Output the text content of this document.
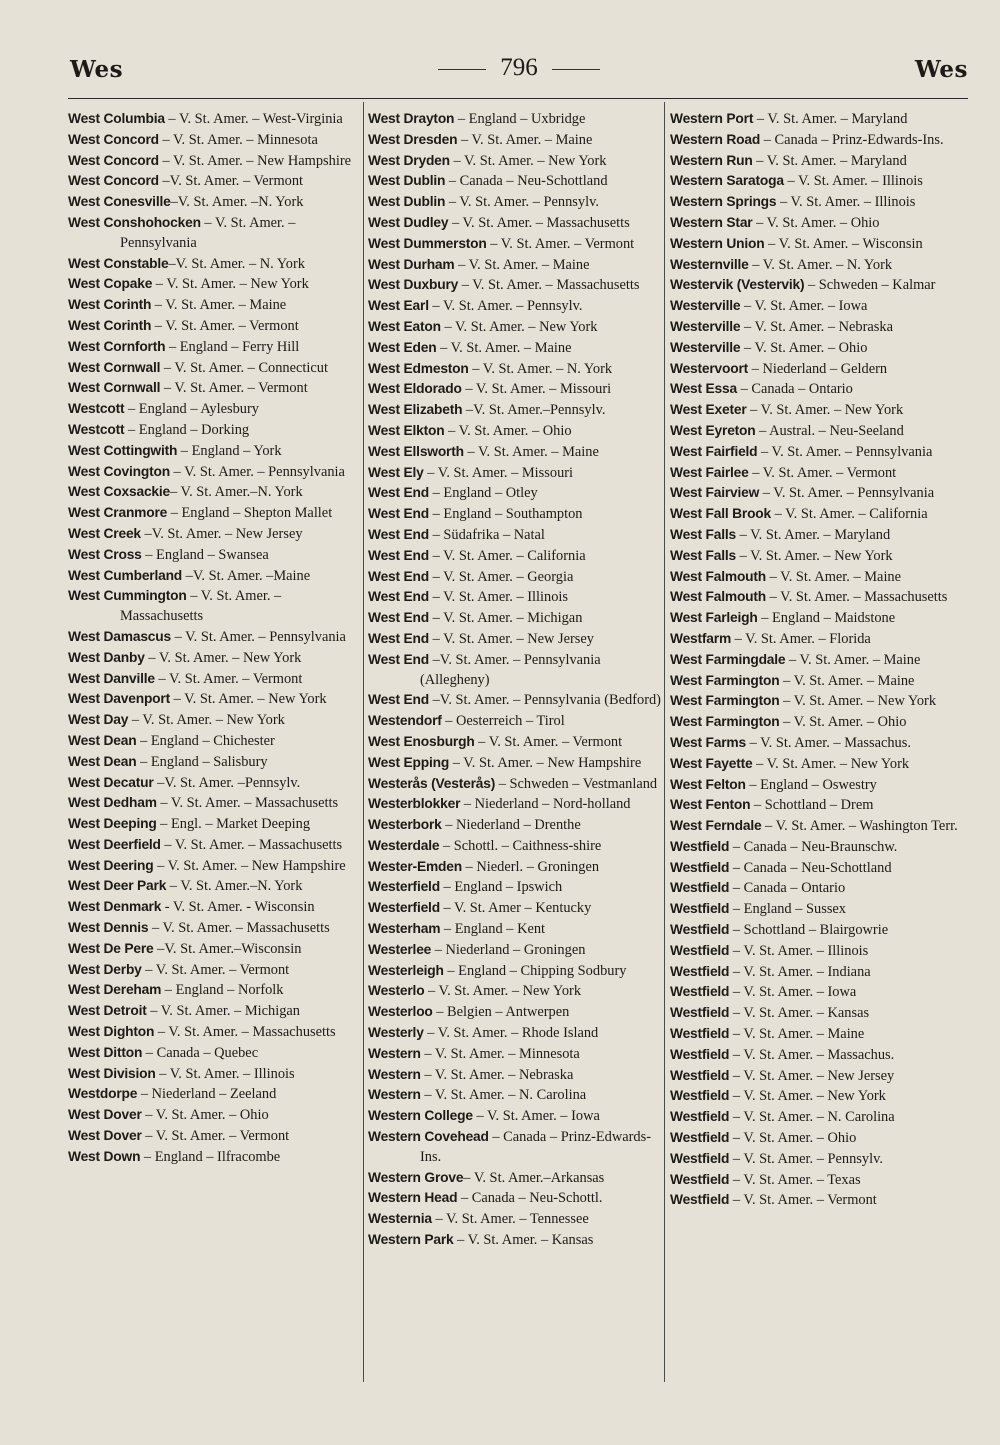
Wes	796	Wes

West Columbia – V. St. Amer. – West-Virginia

West Concord – V. St. Amer. – Minnesota

West Concord – V. St. Amer. – New Hampshire

West Concord –V. St. Amer. – Vermont

West Conesville–V. St. Amer. –N. York

West Conshohocken – V. St. Amer. – Pennsylvania

West Constable–V. St. Amer. – N. York

West Copake – V. St. Amer. – New York

West Corinth – V. St. Amer. – Maine

West Corinth – V. St. Amer. – Vermont

West Cornforth – England – Ferry Hill

West Cornwall – V. St. Amer. – Connecticut

West Cornwall – V. St. Amer. – Vermont

Westcott – England – Aylesbury

Westcott – England – Dorking

West Cottingwith – England – York

West Covington – V. St. Amer. – Pennsylvania

West Coxsackie– V. St. Amer.–N. York

West Cranmore – England – Shepton Mallet

West Creek –V. St. Amer. – New Jersey

West Cross – England – Swansea

West Cumberland –V. St. Amer. –Maine

West Cummington – V. St. Amer. – Massachusetts

West Damascus – V. St. Amer. – Pennsylvania

West Danby – V. St. Amer. – New York

West Danville – V. St. Amer. – Vermont

West Davenport – V. St. Amer. – New York

West Day – V. St. Amer. – New York

West Dean – England – Chichester

West Dean – England – Salisbury

West Decatur –V. St. Amer. –Pennsylv.

West Dedham – V. St. Amer. – Massachusetts

West Deeping – Engl. – Market Deeping

West Deerfield – V. St. Amer. – Massachusetts

West Deering – V. St. Amer. – New Hampshire

West Deer Park – V. St. Amer.–N. York

West Denmark - V. St. Amer. - Wisconsin

West Dennis – V. St. Amer. – Massachusetts

West De Pere –V. St. Amer.–Wisconsin

West Derby – V. St. Amer. – Vermont

West Dereham – England – Norfolk

West Detroit – V. St. Amer. – Michigan

West Dighton – V. St. Amer. – Massachusetts

West Ditton – Canada – Quebec

West Division – V. St. Amer. – Illinois

Westdorpe – Niederland – Zeeland

West Dover – V. St. Amer. – Ohio

West Dover – V. St. Amer. – Vermont

West Down – England – Ilfracombe

West Drayton – England – Uxbridge

West Dresden – V. St. Amer. – Maine

West Dryden – V. St. Amer. – New York

West Dublin – Canada – Neu-Schottland

West Dublin – V. St. Amer. – Pennsylv.

West Dudley – V. St. Amer. – Massachusetts

West Dummerston – V. St. Amer. – Vermont

West Durham – V. St. Amer. – Maine

West Duxbury – V. St. Amer. – Massachusetts

West Earl – V. St. Amer. – Pennsylv.

West Eaton – V. St. Amer. – New York

West Eden – V. St. Amer. – Maine

West Edmeston – V. St. Amer. – N. York

West Eldorado – V. St. Amer. – Missouri

West Elizabeth –V. St. Amer.–Pennsylv.

West Elkton – V. St. Amer. – Ohio

West Ellsworth – V. St. Amer. – Maine

West Ely – V. St. Amer. – Missouri

West End – England – Otley

West End – England – Southampton

West End – Südafrika – Natal

West End – V. St. Amer. – California

West End – V. St. Amer. – Georgia

West End – V. St. Amer. – Illinois

West End – V. St. Amer. – Michigan

West End – V. St. Amer. – New Jersey

West End –V. St. Amer. – Pennsylvania (Allegheny)

West End –V. St. Amer. – Pennsylvania (Bedford)

Westendorf – Oesterreich – Tirol

West Enosburgh – V. St. Amer. – Vermont

West Epping – V. St. Amer. – New Hampshire

Westerås (Vesterås) – Schweden – Vestmanland

Westerblokker – Niederland – Nord-holland

Westerbork – Niederland – Drenthe

Westerdale – Schottl. – Caithness-shire

Wester-Emden – Niederl. – Groningen

Westerfield – England – Ipswich

Westerfield – V. St. Amer – Kentucky

Westerham – England – Kent

Westerlee – Niederland – Groningen

Westerleigh – England – Chipping Sodbury

Westerlo – V. St. Amer. – New York

Westerloo – Belgien – Antwerpen

Westerly – V. St. Amer. – Rhode Island

Western – V. St. Amer. – Minnesota

Western – V. St. Amer. – Nebraska

Western – V. St. Amer. – N. Carolina

Western College – V. St. Amer. – Iowa

Western Covehead – Canada – Prinz-Edwards-Ins.

Western Grove– V. St. Amer.–Arkansas

Western Head – Canada – Neu-Schottl.

Westernia – V. St. Amer. – Tennessee

Western Park – V. St. Amer. – Kansas

Western Port – V. St. Amer. – Maryland

Western Road – Canada – Prinz-Edwards-Ins.

Western Run – V. St. Amer. – Maryland

Western Saratoga – V. St. Amer. – Illinois

Western Springs – V. St. Amer. – Illinois

Western Star – V. St. Amer. – Ohio

Western Union – V. St. Amer. – Wisconsin

Westernville – V. St. Amer. – N. York

Westervik (Vestervik) – Schweden – Kalmar

Westerville – V. St. Amer. – Iowa

Westerville – V. St. Amer. – Nebraska

Westerville – V. St. Amer. – Ohio

Westervoort – Niederland – Geldern

West Essa – Canada – Ontario

West Exeter – V. St. Amer. – New York

West Eyreton – Austral. – Neu-Seeland

West Fairfield – V. St. Amer. – Pennsylvania

West Fairlee – V. St. Amer. – Vermont

West Fairview – V. St. Amer. – Pennsylvania

West Fall Brook – V. St. Amer. – California

West Falls – V. St. Amer. – Maryland

West Falls – V. St. Amer. – New York

West Falmouth – V. St. Amer. – Maine

West Falmouth – V. St. Amer. – Massachusetts

West Farleigh – England – Maidstone

Westfarm – V. St. Amer. – Florida

West Farmingdale – V. St. Amer. – Maine

West Farmington – V. St. Amer. – Maine

West Farmington – V. St. Amer. – New York

West Farmington – V. St. Amer. – Ohio

West Farms – V. St. Amer. – Massachus.

West Fayette – V. St. Amer. – New York

West Felton – England – Oswestry

West Fenton – Schottland – Drem

West Ferndale – V. St. Amer. – Washington Terr.

Westfield – Canada – Neu-Braunschw.

Westfield – Canada – Neu-Schottland

Westfield – Canada – Ontario

Westfield – England – Sussex

Westfield – Schottland – Blairgowrie

Westfield – V. St. Amer. – Illinois

Westfield – V. St. Amer. – Indiana

Westfield – V. St. Amer. – Iowa

Westfield – V. St. Amer. – Kansas

Westfield – V. St. Amer. – Maine

Westfield – V. St. Amer. – Massachus.

Westfield – V. St. Amer. – New Jersey

Westfield – V. St. Amer. – New York

Westfield – V. St. Amer. – N. Carolina

Westfield – V. St. Amer. – Ohio

Westfield – V. St. Amer. – Pennsylv.

Westfield – V. St. Amer. – Texas

Westfield – V. St. Amer. – Vermont
